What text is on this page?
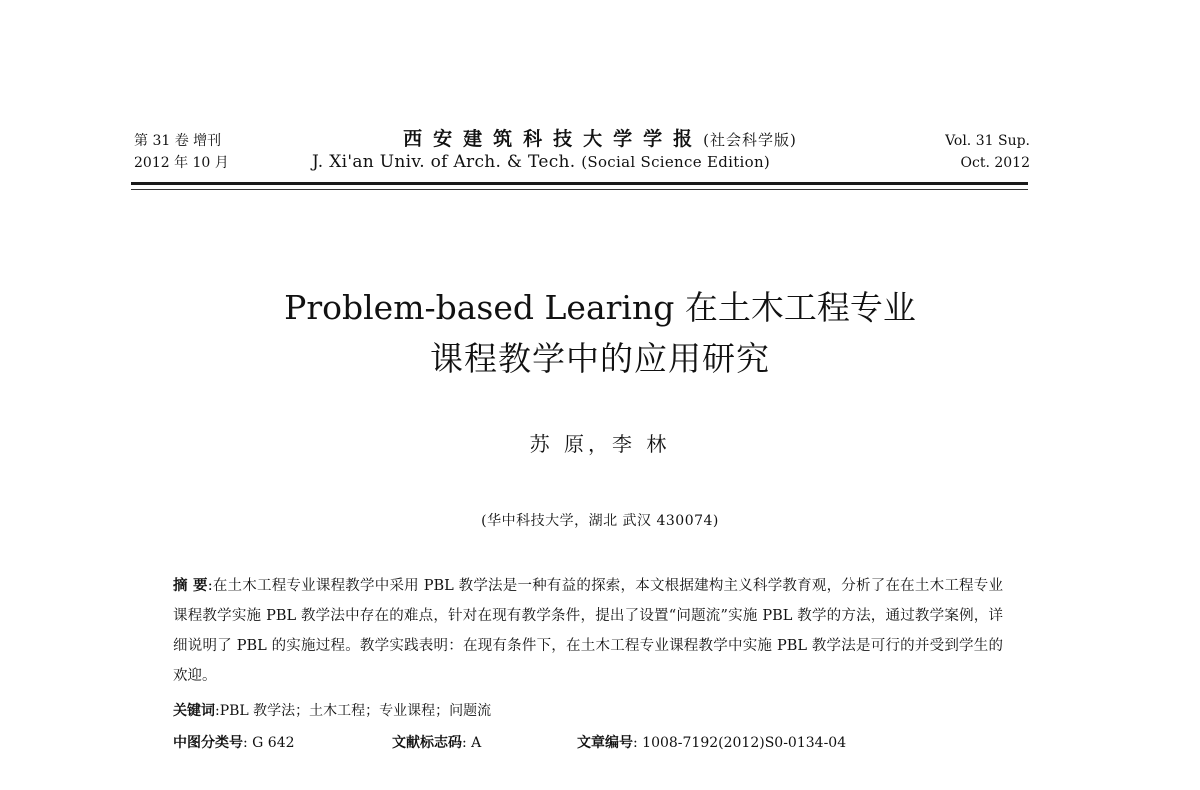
第 31 卷 增刊
2012 年 10 月
西安建筑科技大学学报(社会科学版)
J. Xi'an Univ. of Arch. & Tech. (Social Science Edition)
Vol. 31 Sup.
Oct. 2012
Problem-based Learing 在土木工程专业
课程教学中的应用研究
苏 原，李 林
(华中科技大学，湖北 武汉 430074)
摘 要:在土木工程专业课程教学中采用 PBL 教学法是一种有益的探索，本文根据建构主义科学教育观，分析了在在土木工程专业课程教学实施 PBL 教学法中存在的难点，针对在现有教学条件，提出了设置“问题流”实施 PBL 教学的方法，通过教学案例，详细说明了 PBL 的实施过程。教学实践表明：在现有条件下，在土木工程专业课程教学中实施 PBL 教学法是可行的并受到学生的欢迎。
关键词:PBL 教学法；土木工程；专业课程；问题流
中图分类号: G 642	文献标志码: A	文章编号: 1008-7192(2012)S0-0134-04
